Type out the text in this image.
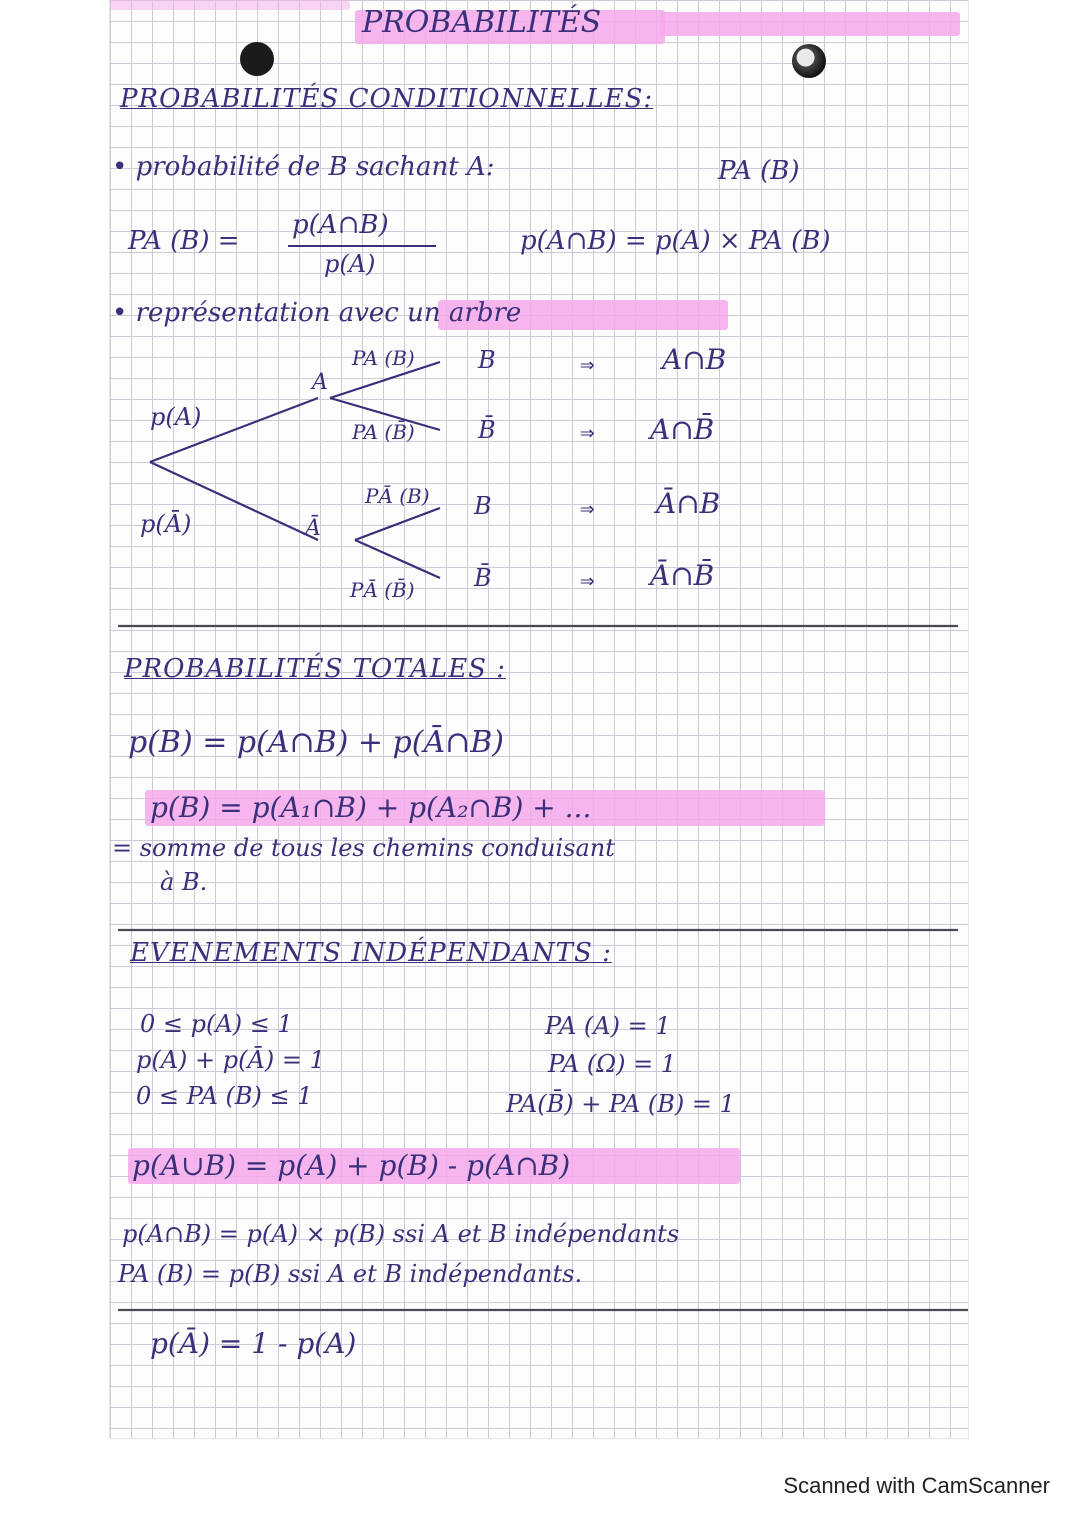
PROBABILITÉS
PROBABILITÉS CONDITIONNELLES:
• probabilité de B sachant A:	PA (B)
PA (B) =
p(A∩B)
p(A)
p(A∩B) = p(A) × PA (B)
• représentation avec un arbre
p(A)
p(Ā)
A
Ā
PA (B)
PA (B̄)
PĀ (B)
PĀ (B̄)
B
B̄
B
B̄
⇒
⇒
⇒
⇒
A∩B
A∩B̄
Ā∩B
Ā∩B̄
PROBABILITÉS TOTALES :
p(B) = p(A∩B) + p(Ā∩B)
p(B) = p(A₁∩B) + p(A₂∩B) + ...
= somme de tous les chemins conduisant
à B.
EVENEMENTS INDÉPENDANTS :
0 ≤ p(A) ≤ 1
p(A) + p(Ā) = 1
0 ≤ PA (B) ≤ 1
PA (A) = 1
PA (Ω) = 1
PA(B̄) + PA (B) = 1
p(A∪B) = p(A) + p(B) - p(A∩B)
p(A∩B) = p(A) × p(B) ssi A et B indépendants
PA (B) = p(B) ssi A et B indépendants.
p(Ā) = 1 - p(A)
Scanned with CamScanner
